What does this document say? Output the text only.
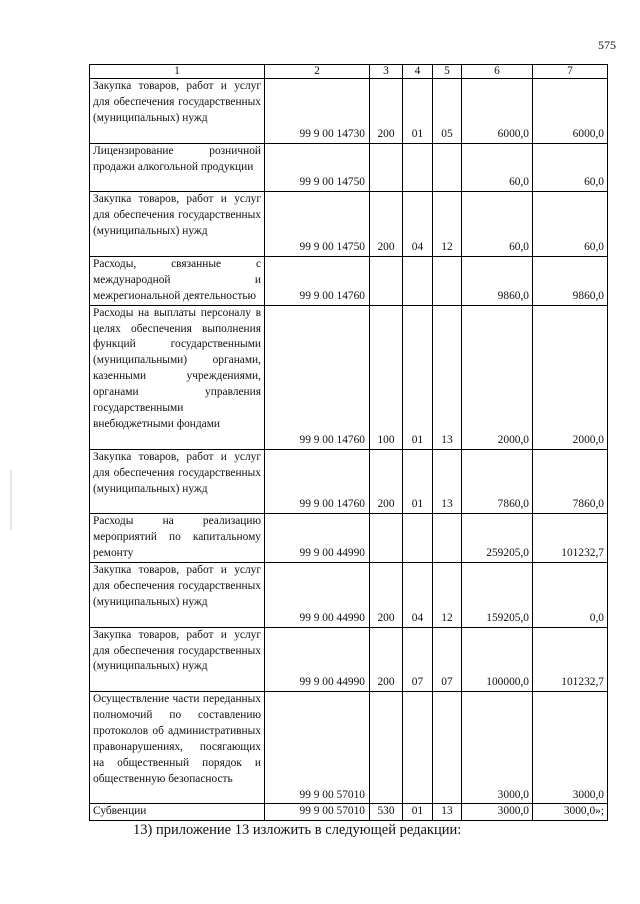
575
1	2	3	4	5	6	7

Закупка товаров, работ и услуг для обеспечения государственных (муниципальных) нужд	99 9 00 14730	200	01	05	6000,0	6000,0

Лицензирование розничной продажи алкогольной продукции	99 9 00 14750				60,0	60,0

Закупка товаров, работ и услуг для обеспечения государственных (муниципальных) нужд	99 9 00 14750	200	04	12	60,0	60,0

Расходы, связанные с международной и межрегиональной деятельностью	99 9 00 14760				9860,0	9860,0

Расходы на выплаты персоналу в целях обеспечения выполнения функций государственными (муниципальными) органами, казенными учреждениями, органами управления государственными внебюджетными фондами	99 9 00 14760	100	01	13	2000,0	2000,0

Закупка товаров, работ и услуг для обеспечения государственных (муниципальных) нужд	99 9 00 14760	200	01	13	7860,0	7860,0

Расходы на реализацию мероприятий по капитальному ремонту	99 9 00 44990				259205,0	101232,7

Закупка товаров, работ и услуг для обеспечения государственных (муниципальных) нужд	99 9 00 44990	200	04	12	159205,0	0,0

Закупка товаров, работ и услуг для обеспечения государственных (муниципальных) нужд	99 9 00 44990	200	07	07	100000,0	101232,7

Осуществление части переданных полномочий по составлению протоколов об административных правонарушениях, посягающих на общественный порядок и общественную безопасность	99 9 00 57010				3000,0	3000,0

Субвенции	99 9 00 57010	530	01	13	3000,0	3000,0»;
13) приложение 13 изложить в следующей редакции:
